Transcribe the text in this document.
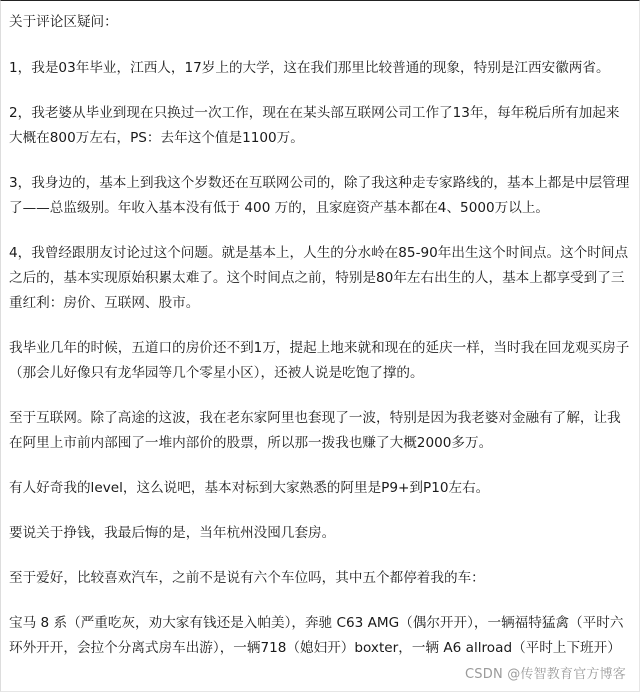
关于评论区疑问：

1，我是03年毕业，江西人，17岁上的大学，这在我们那里比较普通的现象，特别是江西安徽两省。

2，我老婆从毕业到现在只换过一次工作，现在在某头部互联网公司工作了13年，每年税后所有加起来大概在800万左右，PS：去年这个值是1100万。

3，我身边的，基本上到我这个岁数还在互联网公司的，除了我这种走专家路线的，基本上都是中层管理了——总监级别。年收入基本没有低于 400 万的，且家庭资产基本都在4、5000万以上。

4，我曾经跟朋友讨论过这个问题。就是基本上，人生的分水岭在85-90年出生这个时间点。这个时间点之后的，基本实现原始积累太难了。这个时间点之前，特别是80年左右出生的人，基本上都享受到了三重红利：房价、互联网、股市。

我毕业几年的时候，五道口的房价还不到1万，提起上地来就和现在的延庆一样，当时我在回龙观买房子（那会儿好像只有龙华园等几个零星小区），还被人说是吃饱了撑的。

至于互联网。除了高途的这波，我在老东家阿里也套现了一波，特别是因为我老婆对金融有了解，让我在阿里上市前内部囤了一堆内部价的股票，所以那一拨我也赚了大概2000多万。

有人好奇我的level，这么说吧，基本对标到大家熟悉的阿里是P9+到P10左右。

要说关于挣钱，我最后悔的是，当年杭州没囤几套房。

至于爱好，比较喜欢汽车，之前不是说有六个车位吗，其中五个都停着我的车：

宝马 8 系（严重吃灰，劝大家有钱还是入帕美），奔驰 C63 AMG（偶尔开开），一辆福特猛禽（平时六环外开开，会拉个分离式房车出游），一辆718（媳妇开）boxter，一辆 A6 allroad（平时上下班开）

CSDN @传智教育官方博客
